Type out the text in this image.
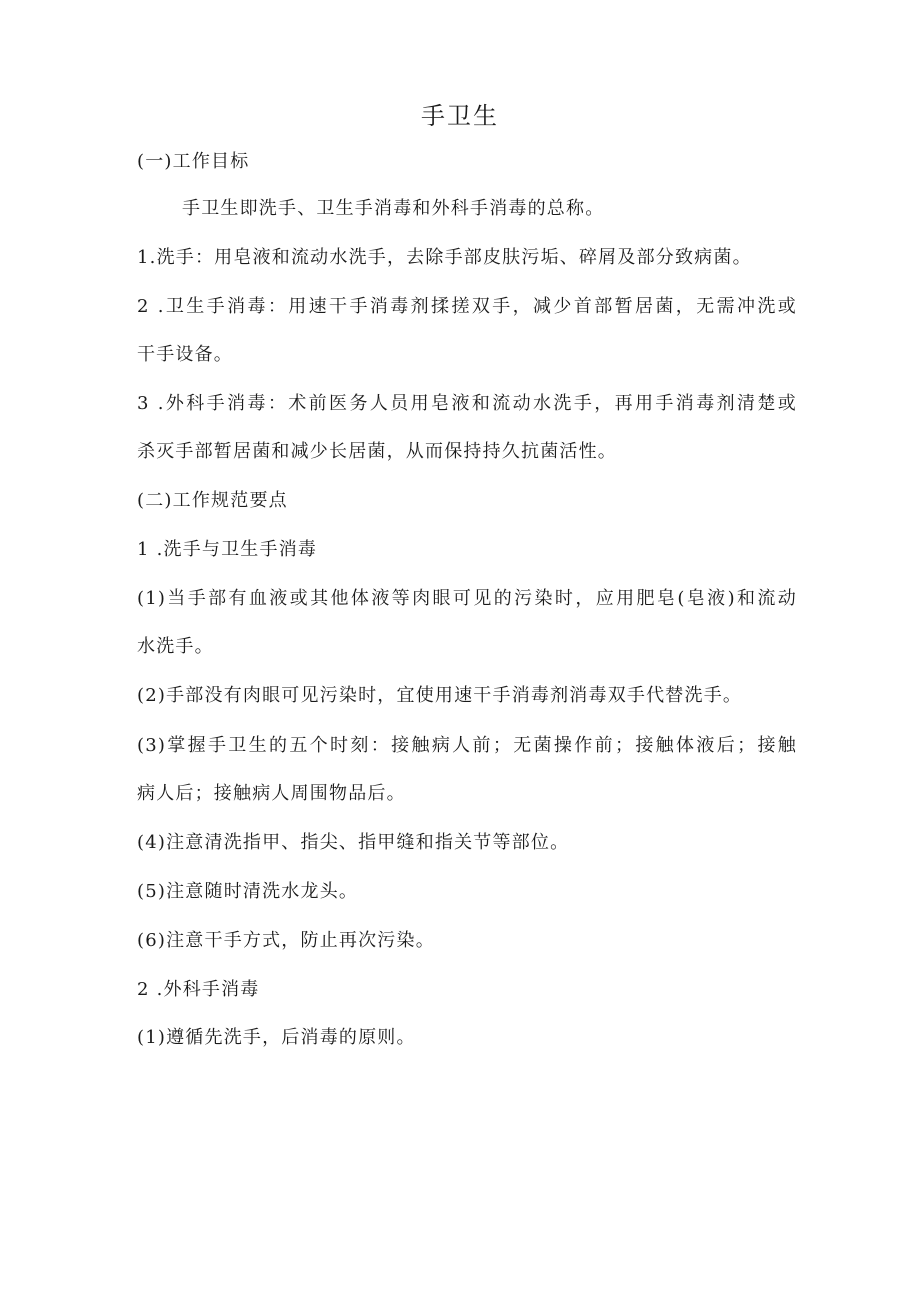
手卫生

(一)工作目标

手卫生即洗手、卫生手消毒和外科手消毒的总称。

1.洗手：用皂液和流动水洗手，去除手部皮肤污垢、碎屑及部分致病菌。

2 .卫生手消毒：用速干手消毒剂揉搓双手，减少首部暂居菌，无需冲洗或

干手设备。

3 .外科手消毒：术前医务人员用皂液和流动水洗手，再用手消毒剂清楚或

杀灭手部暂居菌和减少长居菌，从而保持持久抗菌活性。

(二)工作规范要点

1 .洗手与卫生手消毒

(1)当手部有血液或其他体液等肉眼可见的污染时，应用肥皂(皂液)和流动

水洗手。

(2)手部没有肉眼可见污染时，宜使用速干手消毒剂消毒双手代替洗手。

(3)掌握手卫生的五个时刻：接触病人前；无菌操作前；接触体液后；接触

病人后；接触病人周围物品后。

(4)注意清洗指甲、指尖、指甲缝和指关节等部位。

(5)注意随时清洗水龙头。

(6)注意干手方式，防止再次污染。

2 .外科手消毒

(1)遵循先洗手，后消毒的原则。
